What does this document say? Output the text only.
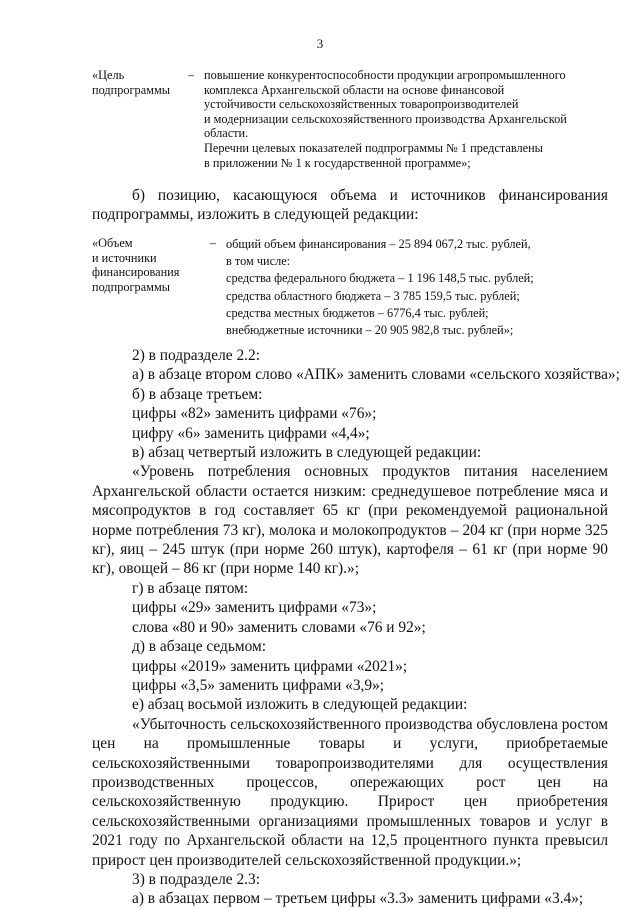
3
«Цель
подпрограммы
– повышение конкурентоспособности продукции агропромышленного
комплекса Архангельской области на основе финансовой
устойчивости сельскохозяйственных товаропроизводителей
и модернизации сельскохозяйственного производства Архангельской
области.
Перечни целевых показателей подпрограммы № 1 представлены
в приложении № 1 к государственной программе»;

б) позицию, касающуюся объема и источников финансирования

подпрограммы, изложить в следующей редакции:

«Объем
и источники
финансирования
подпрограммы
– общий объем финансирования – 25 894 067,2 тыс. рублей,
в том числе:
средства федерального бюджета – 1 196 148,5 тыс. рублей;
средства областного бюджета – 3 785 159,5 тыс. рублей;
средства местных бюджетов – 6776,4 тыс. рублей;
внебюджетные источники – 20 905 982,8 тыс. рублей»;

2) в подразделе 2.2:

а) в абзаце втором слово «АПК» заменить словами «сельского хозяйства»;

б) в абзаце третьем:

цифры «82» заменить цифрами «76»;

цифру «6» заменить цифрами «4,4»;

в) абзац четвертый изложить в следующей редакции:

«Уровень потребления основных продуктов питания населением Архангельской области остается низким: среднедушевое потребление мяса и мясопродуктов в год составляет 65 кг (при рекомендуемой рациональной норме потребления 73 кг), молока и молокопродуктов – 204 кг (при норме 325 кг), яиц – 245 штук (при норме 260 штук), картофеля – 61 кг (при норме 90 кг), овощей – 86 кг (при норме 140 кг).»;

г) в абзаце пятом:

цифры «29» заменить цифрами «73»;

слова «80 и 90» заменить словами «76 и 92»;

д) в абзаце седьмом:

цифры «2019» заменить цифрами «2021»;

цифры «3,5» заменить цифрами «3,9»;

е) абзац восьмой изложить в следующей редакции:

«Убыточность сельскохозяйственного производства обусловлена ростом цен на промышленные товары и услуги, приобретаемые сельскохозяйственными товаропроизводителями для осуществления производственных процессов, опережающих рост цен на сельскохозяйственную продукцию. Прирост цен приобретения сельскохозяйственными организациями промышленных товаров и услуг в 2021 году по Архангельской области на 12,5 процентного пункта превысил прирост цен производителей сельскохозяйственной продукции.»;

3) в подразделе 2.3:

а) в абзацах первом – третьем цифры «3.3» заменить цифрами «3.4»;
